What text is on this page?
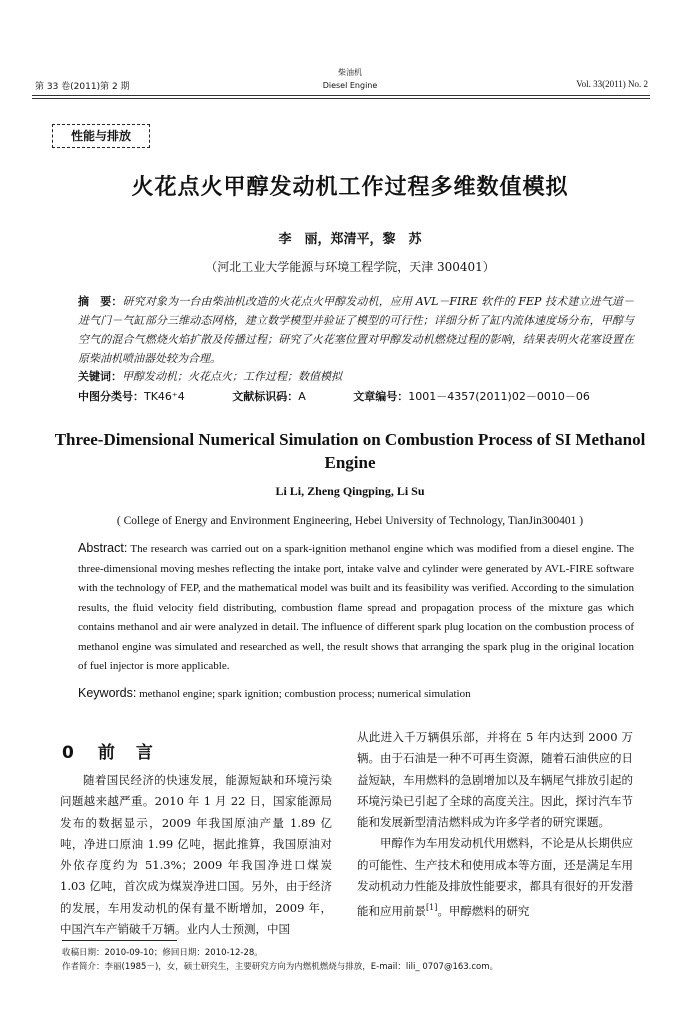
第 33 卷(2011)第 2 期
柴油机
Diesel Engine	Vol. 33(2011) No. 2
性能与排放
火花点火甲醇发动机工作过程多维数值模拟
李　丽，郑清平，黎　苏
（河北工业大学能源与环境工程学院，天津 300401）
摘　要：研究对象为一台由柴油机改造的火花点火甲醇发动机，应用 AVL－FIRE 软件的 FEP 技术建立进气道－进气门－气缸部分三维动态网格，建立数学模型并验证了模型的可行性；详细分析了缸内流体速度场分布，甲醇与空气的混合气燃烧火焰扩散及传播过程；研究了火花塞位置对甲醇发动机燃烧过程的影响，结果表明火花塞设置在原柴油机喷油器处较为合理。
关键词：甲醇发动机；火花点火；工作过程；数值模拟
中图分类号：TK46⁺4	文献标识码：A	文章编号：1001－4357(2011)02－0010－06
Three-Dimensional Numerical Simulation on Combustion Process of SI Methanol Engine
Li Li, Zheng Qingping, Li Su
( College of Energy and Environment Engineering, Hebei University of Technology, TianJin300401 )
Abstract: The research was carried out on a spark-ignition methanol engine which was modified from a diesel engine. The three-dimensional moving meshes reflecting the intake port, intake valve and cylinder were generated by AVL-FIRE software with the technology of FEP, and the mathematical model was built and its feasibility was verified. According to the simulation results, the fluid velocity field distributing, combustion flame spread and propagation process of the mixture gas which contains methanol and air were analyzed in detail. The influence of different spark plug location on the combustion process of methanol engine was simulated and researched as well, the result shows that arranging the spark plug in the original location of fuel injector is more applicable.
Keywords: methanol engine; spark ignition; combustion process; numerical simulation
0 前　言

随着国民经济的快速发展，能源短缺和环境污染问题越来越严重。2010 年 1 月 22 日，国家能源局发布的数据显示，2009 年我国原油产量 1.89 亿吨，净进口原油 1.99 亿吨，据此推算，我国原油对外依存度约为 51.3%；2009 年我国净进口煤炭 1.03 亿吨，首次成为煤炭净进口国。另外，由于经济的发展，车用发动机的保有量不断增加，2009 年，中国汽车产销破千万辆。业内人士预测，中国

从此进入千万辆俱乐部，并将在 5 年内达到 2000 万辆。由于石油是一种不可再生资源，随着石油供应的日益短缺，车用燃料的急剧增加以及车辆尾气排放引起的环境污染已引起了全球的高度关注。因此，探讨汽车节能和发展新型清洁燃料成为许多学者的研究课题。

甲醇作为车用发动机代用燃料，不论是从长期供应的可能性、生产技术和使用成本等方面，还是满足车用发动机动力性能及排放性能要求，都具有很好的开发潜能和应用前景[1]。甲醇燃料的研究

收稿日期：2010-09-10；修回日期：2010-12-28。
作者简介：李丽(1985－)，女，硕士研究生，主要研究方向为内燃机燃烧与排放，E-mail：lili_ 0707@163.com。
